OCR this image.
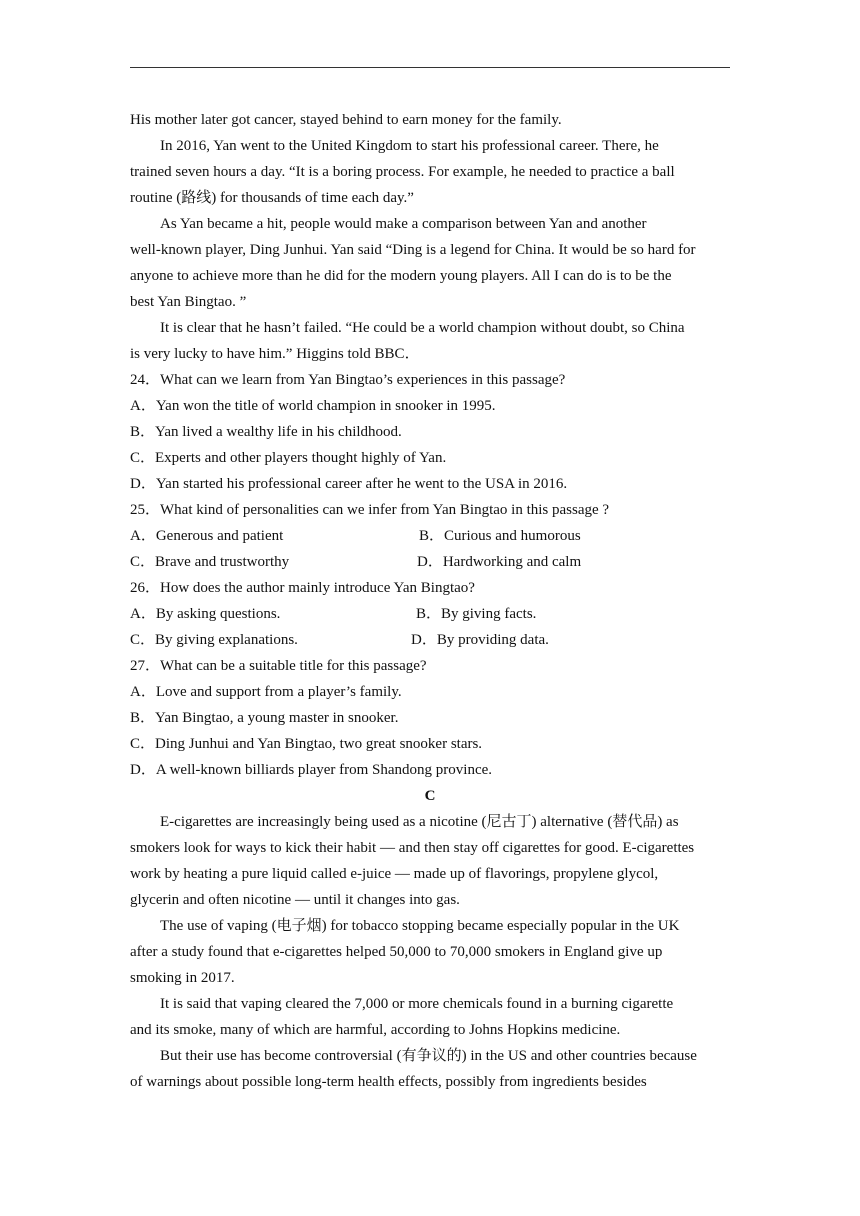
His mother later got cancer, stayed behind to earn money for the family.
In 2016, Yan went to the United Kingdom to start his professional career. There, he
trained seven hours a day. “It is a boring process. For example, he needed to practice a ball
routine (路线) for thousands of time each day.”
As Yan became a hit, people would make a comparison between Yan and another
well-known player, Ding Junhui. Yan said “Ding is a legend for China. It would be so hard for
anyone to achieve more than he did for the modern young players. All I can do is to be the
best Yan Bingtao. ”
It is clear that he hasn’t failed. “He could be a world champion without doubt, so China
is very lucky to have him.” Higgins told BBC．
24．What can we learn from Yan Bingtao’s experiences in this passage?
A．Yan won the title of world champion in snooker in 1995.
B．Yan lived a wealthy life in his childhood.
C．Experts and other players thought highly of Yan.
D．Yan started his professional career after he went to the USA in 2016.
25．What kind of personalities can we infer from Yan Bingtao in this passage ?
A．Generous and patient	B．Curious and humorous
C．Brave and trustworthy	D．Hardworking and calm
26．How does the author mainly introduce Yan Bingtao?
A．By asking questions.	B．By giving facts.
C．By giving explanations.	D．By providing data.
27．What can be a suitable title for this passage?
A．Love and support from a player’s family.
B．Yan Bingtao, a young master in snooker.
C．Ding Junhui and Yan Bingtao, two great snooker stars.
D．A well-known billiards player from Shandong province.
C
E-cigarettes are increasingly being used as a nicotine (尼古丁) alternative (替代品) as
smokers look for ways to kick their habit — and then stay off cigarettes for good. E-cigarettes
work by heating a pure liquid called e-juice — made up of flavorings, propylene glycol,
glycerin and often nicotine — until it changes into gas.
The use of vaping (电子烟) for tobacco stopping became especially popular in the UK
after a study found that e-cigarettes helped 50,000 to 70,000 smokers in England give up
smoking in 2017.
It is said that vaping cleared the 7,000 or more chemicals found in a burning cigarette
and its smoke, many of which are harmful, according to Johns Hopkins medicine.
But their use has become controversial (有争议的) in the US and other countries because
of warnings about possible long-term health effects, possibly from ingredients besides
